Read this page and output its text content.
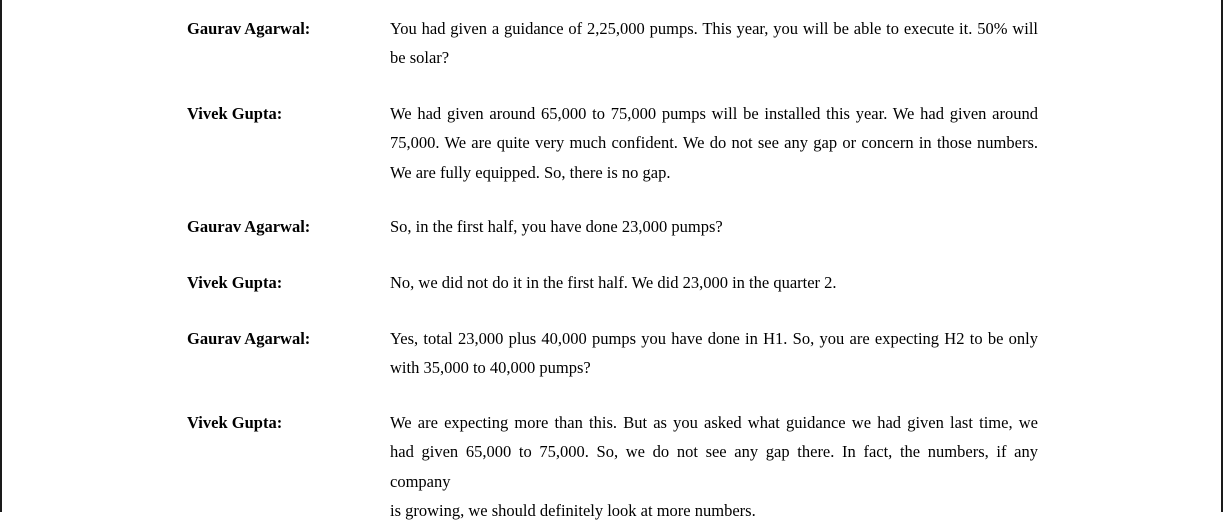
Gaurav Agarwal:	You had given a guidance of 2,25,000 pumps. This year, you will be able to execute it. 50% will
be solar?
Vivek Gupta:	We had given around 65,000 to 75,000 pumps will be installed this year. We had given around
75,000. We are quite very much confident. We do not see any gap or concern in those numbers.
We are fully equipped. So, there is no gap.
Gaurav Agarwal:	So, in the first half, you have done 23,000 pumps?
Vivek Gupta:	No, we did not do it in the first half. We did 23,000 in the quarter 2.
Gaurav Agarwal:	Yes, total 23,000 plus 40,000 pumps you have done in H1. So, you are expecting H2 to be only
with 35,000 to 40,000 pumps?
Vivek Gupta:	We are expecting more than this. But as you asked what guidance we had given last time, we
had given 65,000 to 75,000. So, we do not see any gap there. In fact, the numbers, if any company
is growing, we should definitely look at more numbers.
